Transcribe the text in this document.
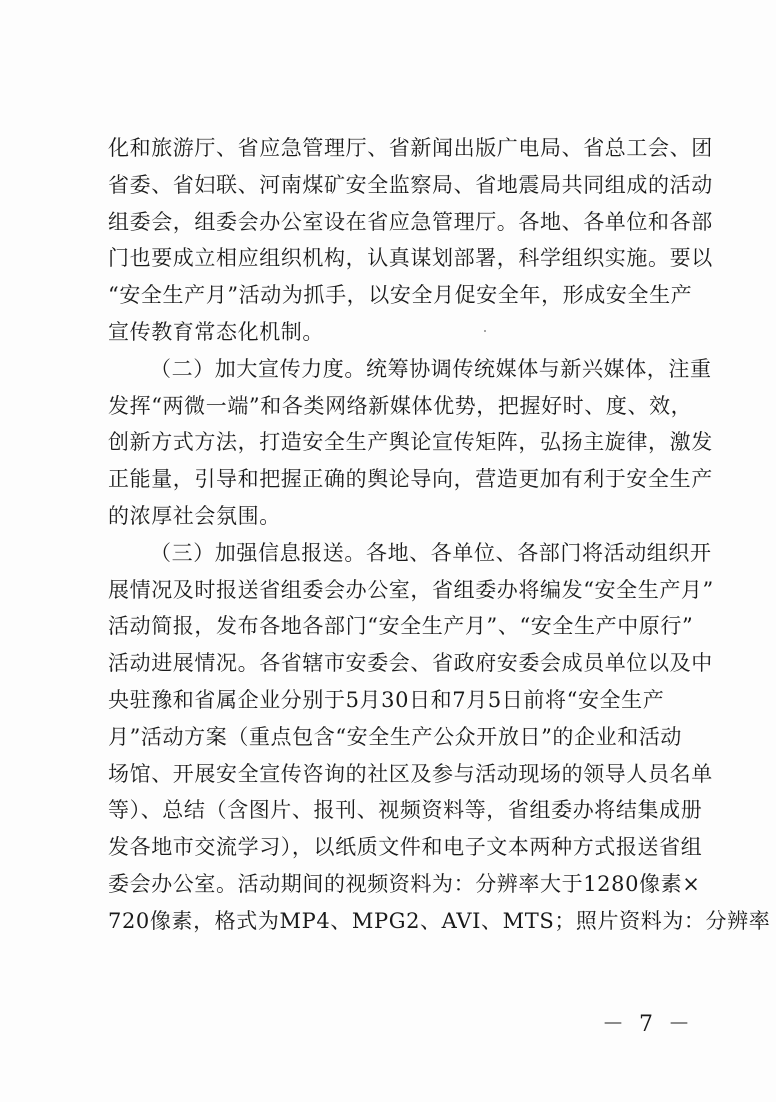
化和旅游厅、省应急管理厅、省新闻出版广电局、省总工会、团
省委、省妇联、河南煤矿安全监察局、省地震局共同组成的活动
组委会，组委会办公室设在省应急管理厅。各地、各单位和各部
门也要成立相应组织机构，认真谋划部署，科学组织实施。要以
“安全生产月”活动为抓手，以安全月促安全年，形成安全生产
宣传教育常态化机制。
（二）加大宣传力度。统筹协调传统媒体与新兴媒体，注重
发挥“两微一端”和各类网络新媒体优势，把握好时、度、效，
创新方式方法，打造安全生产舆论宣传矩阵，弘扬主旋律，激发
正能量，引导和把握正确的舆论导向，营造更加有利于安全生产
的浓厚社会氛围。
（三）加强信息报送。各地、各单位、各部门将活动组织开
展情况及时报送省组委会办公室，省组委办将编发“安全生产月”
活动简报，发布各地各部门“安全生产月”、“安全生产中原行”
活动进展情况。各省辖市安委会、省政府安委会成员单位以及中
央驻豫和省属企业分别于5月30日和7月5日前将“安全生产
月”活动方案（重点包含“安全生产公众开放日”的企业和活动
场馆、开展安全宣传咨询的社区及参与活动现场的领导人员名单
等）、总结（含图片、报刊、视频资料等，省组委办将结集成册
发各地市交流学习），以纸质文件和电子文本两种方式报送省组
委会办公室。活动期间的视频资料为：分辨率大于1280像素×
720像素，格式为MP4、MPG2、AVI、MTS；照片资料为：分辨率
－ 7 －
